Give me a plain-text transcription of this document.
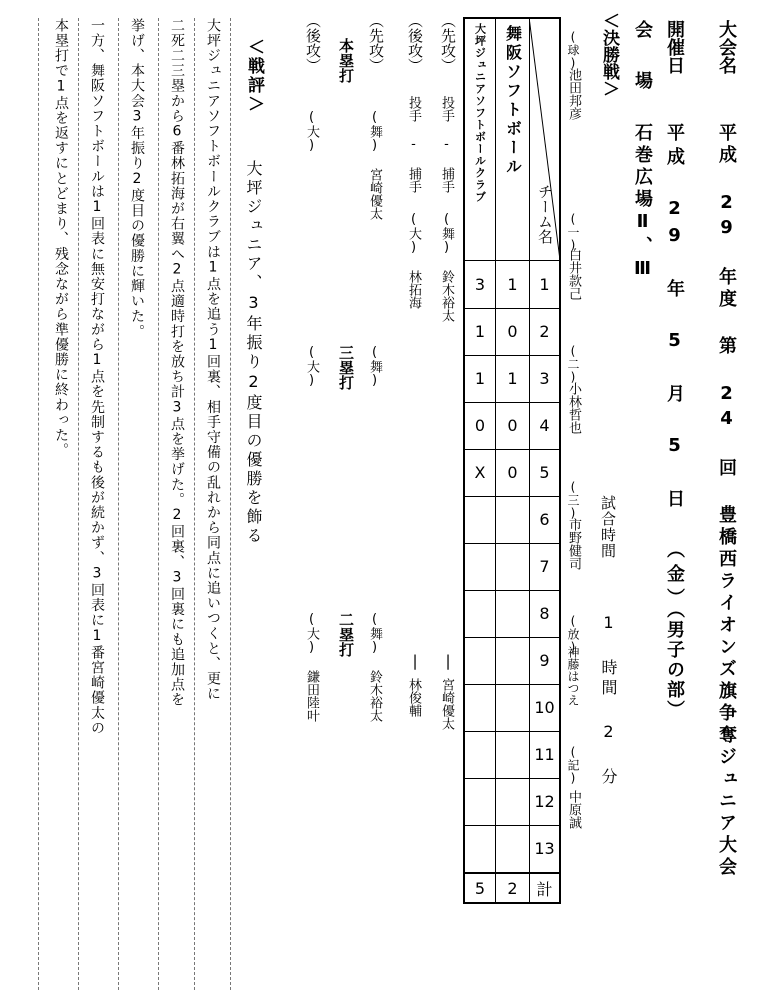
大会名
平成 29 年度 第 24 回 豊橋西ライオンズ旗争奪ジュニア大会
開催日
平成 29 年 5 月 5 日 （金）
（男子の部）
会 場
石巻広場Ⅱ、Ⅲ
＜決勝戦＞
(球)
池田邦彦
(一)
白井款己
(二)
小林哲也
(三)
市野健司
(放)
神藤はつえ
(記)
中原誠
試合時間
1 時間 2 分
チーム名
舞阪ソフトボール
大坪ジュニアソフトボールクラブ
計
2
5
1
1
3
2
0
1
3
1
1
4
0
0
5
0
X
6
7
8
9
10
11
12
13
（先攻）
投手 - 捕手
(舞) 鈴木裕太
宮崎優太
|
（後攻）
投手 - 捕手
(大) 林拓海
林俊輔
|
（先攻）
本塁打
(舞) 宮崎優太
（後攻）
(大)
三塁打 (舞)
(大)
二塁打 (舞) 鈴木裕太
(大) 鎌田陸叶
＜戦評＞
大坪ジュニア、3年振り2度目の優勝を飾る
大坪ジュニアソフトボールクラブは1点を追う1回裏、相手守備の乱れから同点に追いつくと、更に
二死二三塁から6番林拓海が右翼へ2点適時打を放ち計3点を挙げた。2回裏、3回裏にも追加点を
挙げ、本大会3年振り2度目の優勝に輝いた。
一方、舞阪ソフトボールは1回表に無安打ながら1点を先制するも後が続かず、3回表に1番宮崎優太の
本塁打で1点を返すにとどまり、残念ながら準優勝に終わった。
